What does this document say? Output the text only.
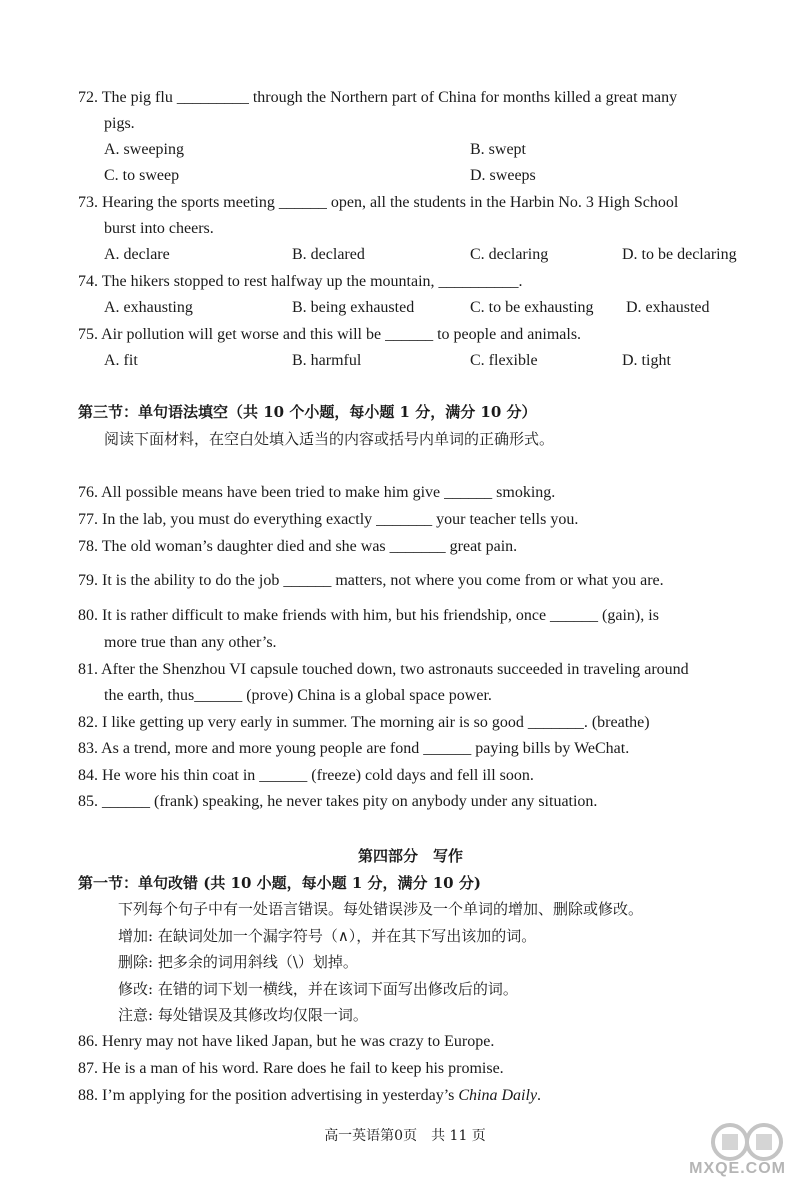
72. The pig flu _________ through the Northern part of China for months killed a great many
pigs.
A. sweeping	B. swept
C. to sweep	D. sweeps
73. Hearing the sports meeting ______ open, all the students in the Harbin No. 3 High School
burst into cheers.
A. declare	B. declared	C. declaring	D. to be declaring
74. The hikers stopped to rest halfway up the mountain, __________.
A. exhausting	B. being exhausted	C. to be exhausting D. exhausted
75. Air pollution will get worse and this will be ______ to people and animals.
A. fit	B. harmful	C. flexible	D. tight
第三节：单句语法填空（共 10 个小题，每小题 1 分，满分 10 分）
阅读下面材料，在空白处填入适当的内容或括号内单词的正确形式。
76. All possible means have been tried to make him give ______ smoking.
77. In the lab, you must do everything exactly _______ your teacher tells you.
78. The old woman’s daughter died and she was _______ great pain.
79. It is the ability to do the job ______ matters, not where you come from or what you are.
80. It is rather difficult to make friends with him, but his friendship, once ______ (gain), is
more true than any other’s.
81. After the Shenzhou VI capsule touched down, two astronauts succeeded in traveling around
the earth, thus______ (prove) China is a global space power.
82. I like getting up very early in summer. The morning air is so good _______. (breathe)
83. As a trend, more and more young people are fond ______ paying bills by WeChat.
84. He wore his thin coat in ______ (freeze) cold days and fell ill soon.
85. ______ (frank) speaking, he never takes pity on anybody under any situation.
第四部分　写作
第一节：单句改错 (共 10 小题，每小题 1 分，满分 10 分)
下列每个句子中有一处语言错误。每处错误涉及一个单词的增加、删除或修改。
增加: 在缺词处加一个漏字符号（∧），并在其下写出该加的词。
删除: 把多余的词用斜线（\）划掉。
修改: 在错的词下划一横线，并在该词下面写出修改后的词。
注意: 每处错误及其修改均仅限一词。
86. Henry may not have liked Japan, but he was crazy to Europe.
87. He is a man of his word. Rare does he fail to keep his promise.
88. I’m applying for the position advertising in yesterday’s China Daily.
高一英语第0页　共 11 页
MXQE.COM
